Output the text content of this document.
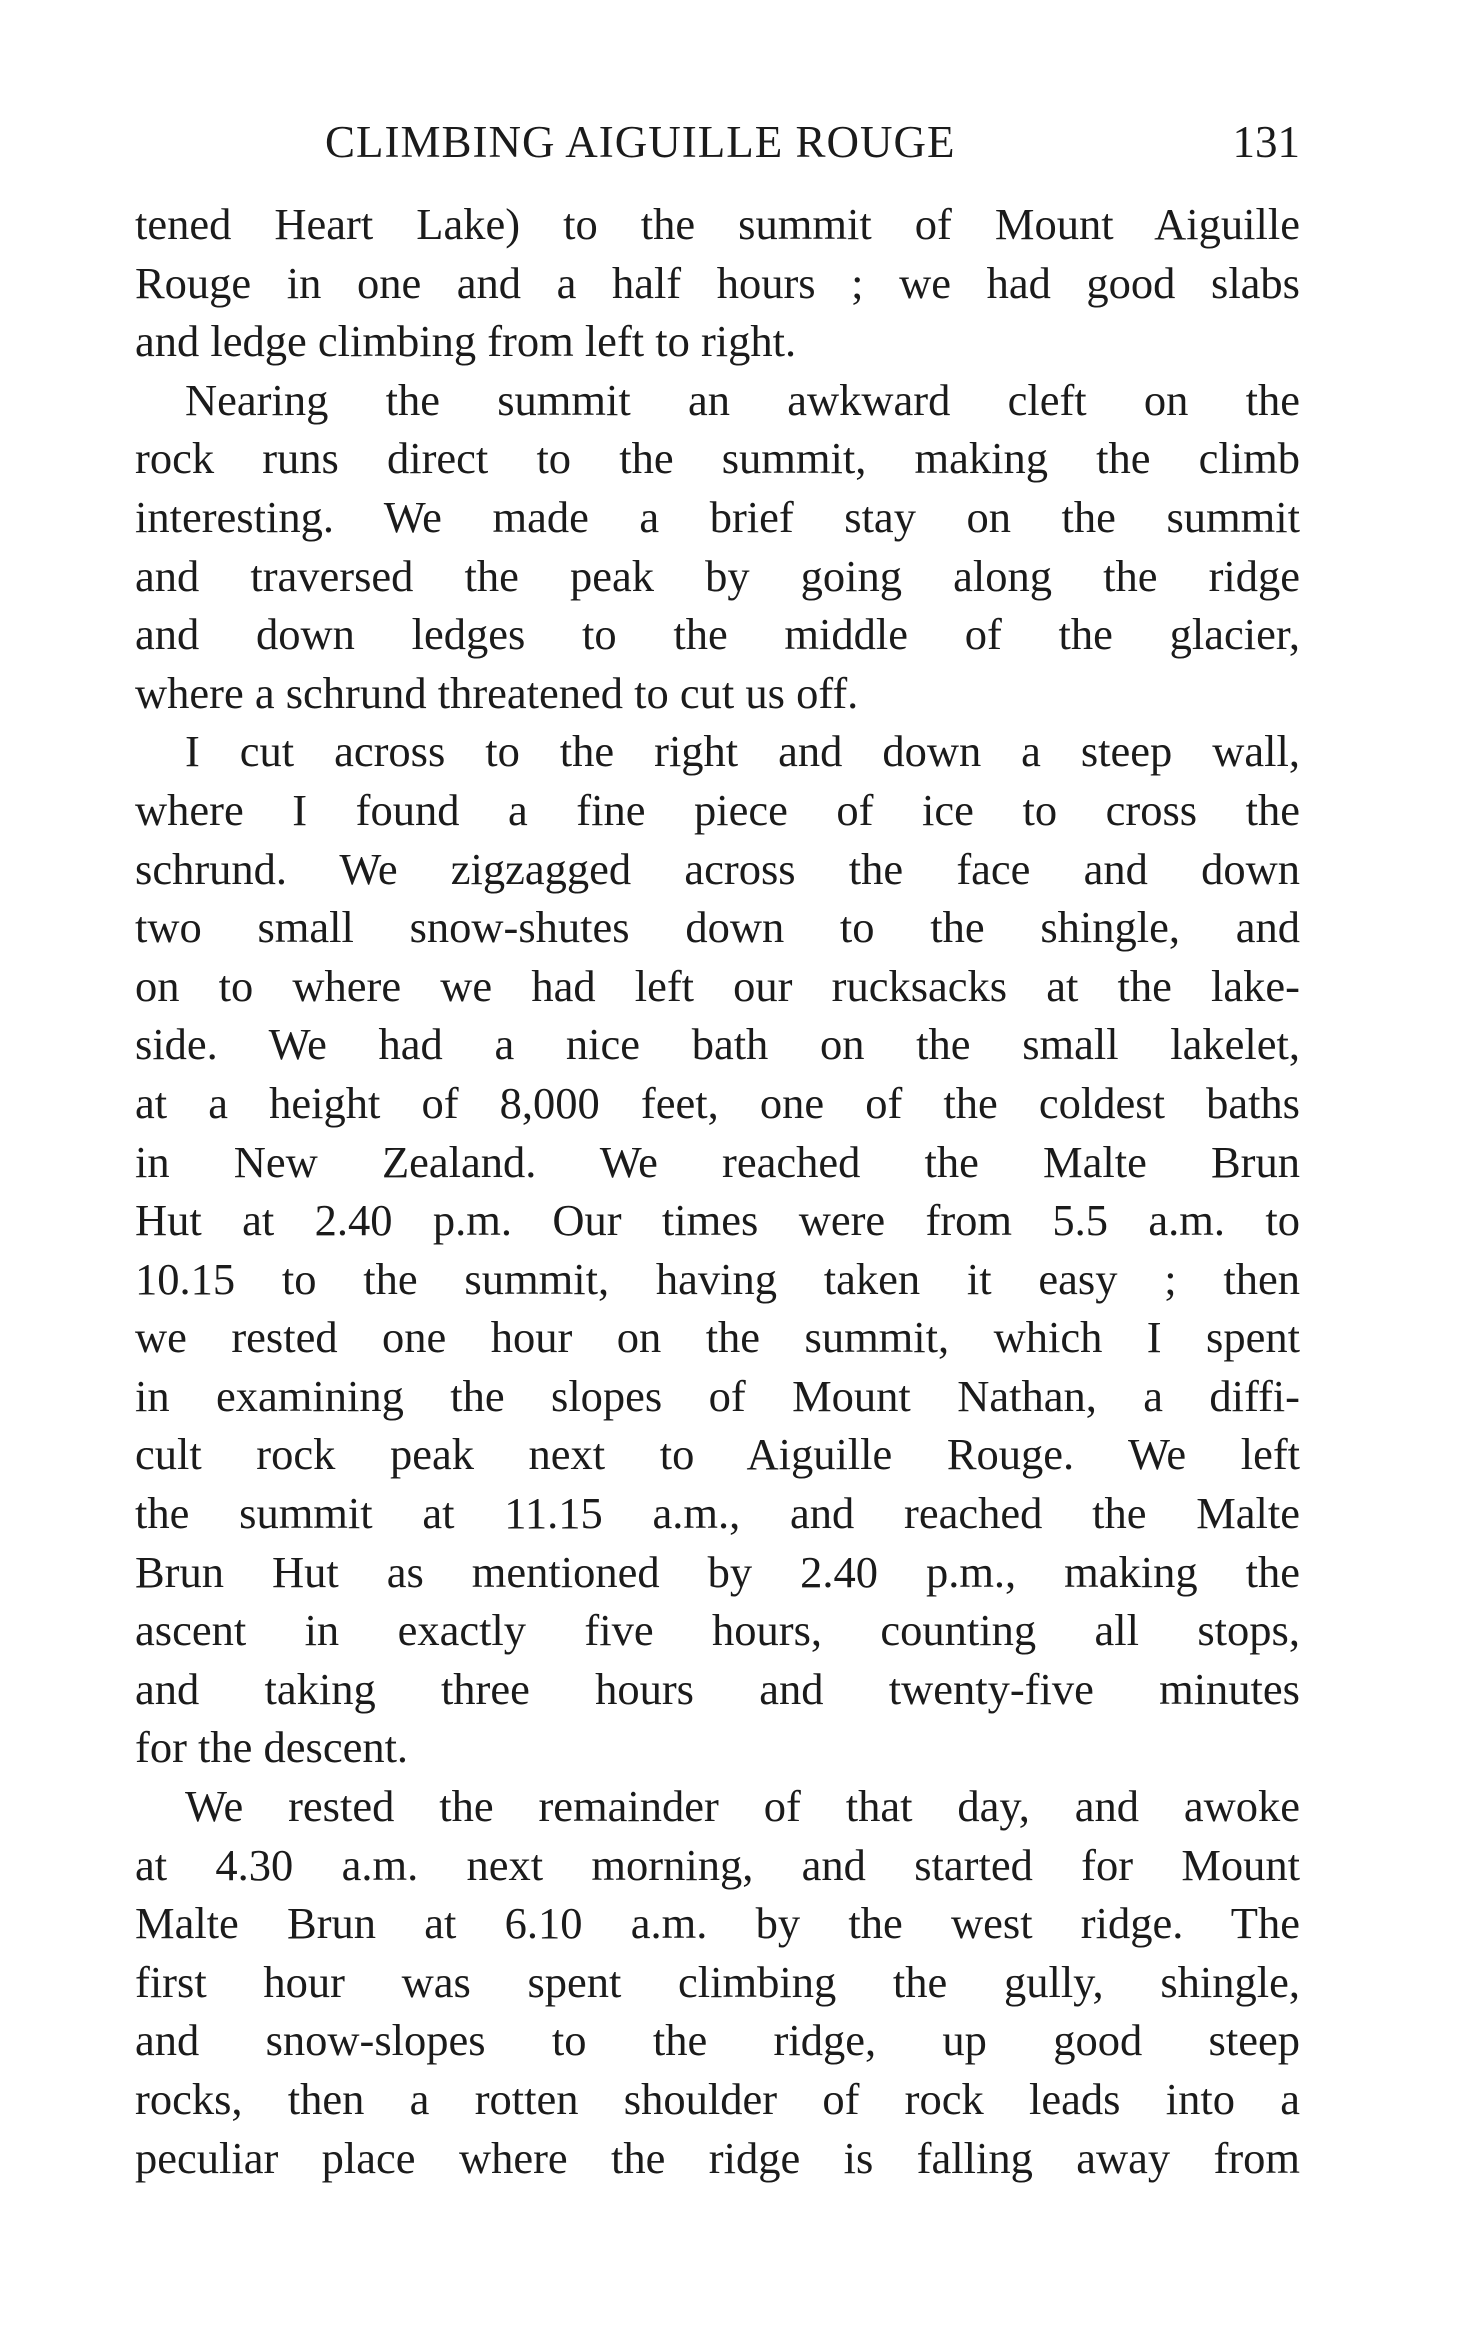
CLIMBING AIGUILLE ROUGE	131
tened Heart Lake) to the summit of Mount Aiguille
Rouge in one and a half hours ; we had good slabs
and ledge climbing from left to right.
Nearing the summit an awkward cleft on the
rock runs direct to the summit, making the climb
interesting. We made a brief stay on the summit
and traversed the peak by going along the ridge
and down ledges to the middle of the glacier,
where a schrund threatened to cut us off.
I cut across to the right and down a steep wall,
where I found a fine piece of ice to cross the
schrund. We zigzagged across the face and down
two small snow-shutes down to the shingle, and
on to where we had left our rucksacks at the lake-
side. We had a nice bath on the small lakelet,
at a height of 8,000 feet, one of the coldest baths
in New Zealand. We reached the Malte Brun
Hut at 2.40 p.m. Our times were from 5.5 a.m. to
10.15 to the summit, having taken it easy ; then
we rested one hour on the summit, which I spent
in examining the slopes of Mount Nathan, a diffi-
cult rock peak next to Aiguille Rouge. We left
the summit at 11.15 a.m., and reached the Malte
Brun Hut as mentioned by 2.40 p.m., making the
ascent in exactly five hours, counting all stops,
and taking three hours and twenty-five minutes
for the descent.
We rested the remainder of that day, and awoke
at 4.30 a.m. next morning, and started for Mount
Malte Brun at 6.10 a.m. by the west ridge. The
first hour was spent climbing the gully, shingle,
and snow-slopes to the ridge, up good steep
rocks, then a rotten shoulder of rock leads into a
peculiar place where the ridge is falling away from
